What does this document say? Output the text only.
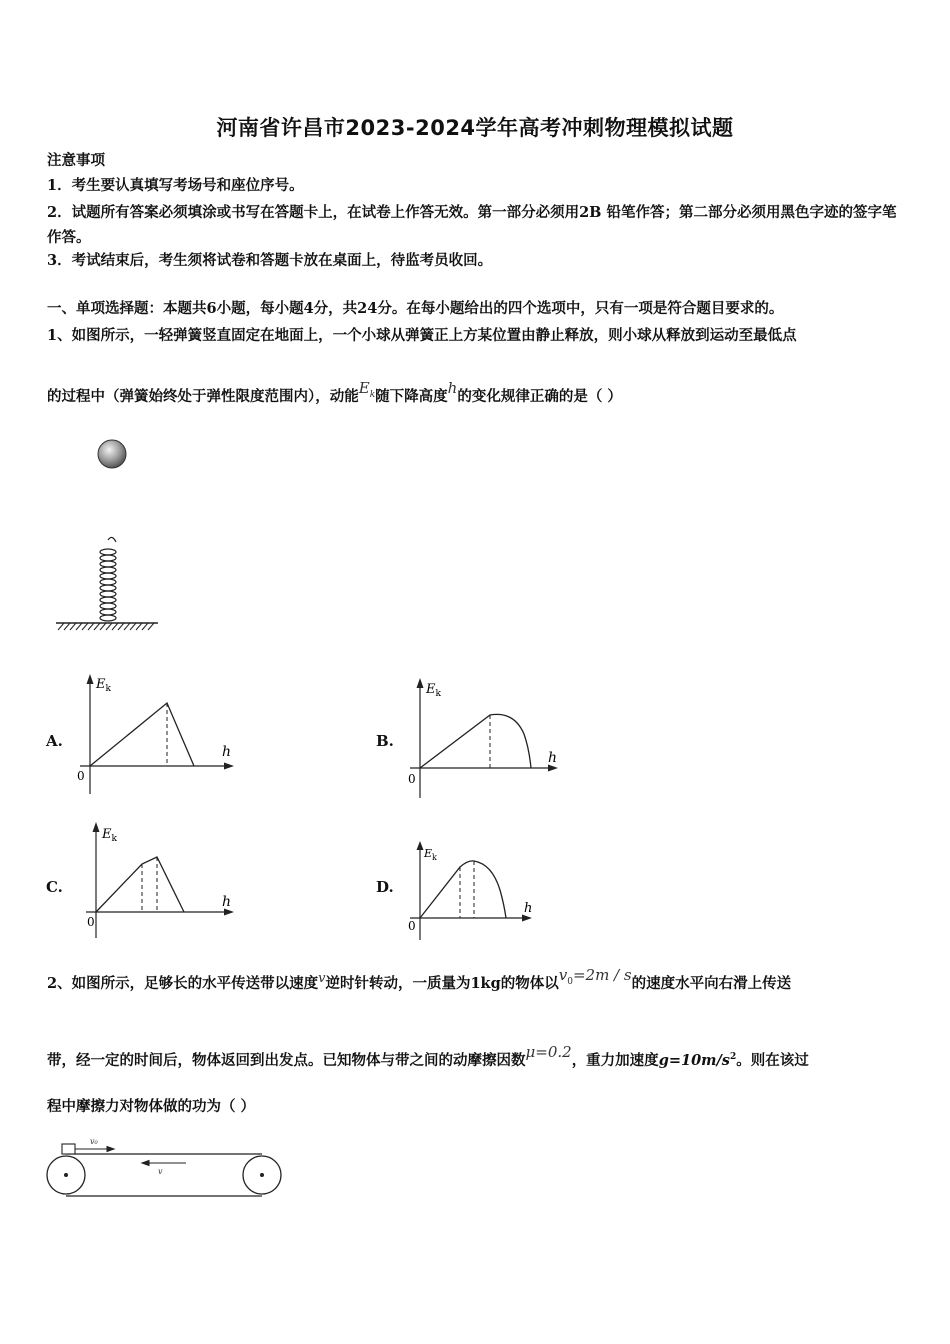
河南省许昌市2023-2024学年高考冲刺物理模拟试题
注意事项
1．考生要认真填写考场号和座位序号。
2．试题所有答案必须填涂或书写在答题卡上，在试卷上作答无效。第一部分必须用2B 铅笔作答；第二部分必须用黑色字迹的签字笔作答。
3．考试结束后，考生须将试卷和答题卡放在桌面上，待监考员收回。
一、单项选择题：本题共6小题，每小题4分，共24分。在每小题给出的四个选项中，只有一项是符合题目要求的。
1、如图所示，一轻弹簧竖直固定在地面上，一个小球从弹簧正上方某位置由静止释放，则小球从释放到运动至最低点
的过程中（弹簧始终处于弹性限度范围内），动能$E_k$随下降高度h的变化规律正确的是（ ）
A.
$E_k$
h
0
B.
$E_k$
h
0
C.
$E_k$
h
0
D.
$E_k$
h
0
2、如图所示，足够长的水平传送带以速度v逆时针转动，一质量为1kg的物体以$v_0=2m / s$的速度水平向右滑上传送
带，经一定的时间后，物体返回到出发点。已知物体与带之间的动摩擦因数μ=0.2，重力加速度$g=10m/s^2$。则在该过
程中摩擦力对物体做的功为（ ）
v₀
v
